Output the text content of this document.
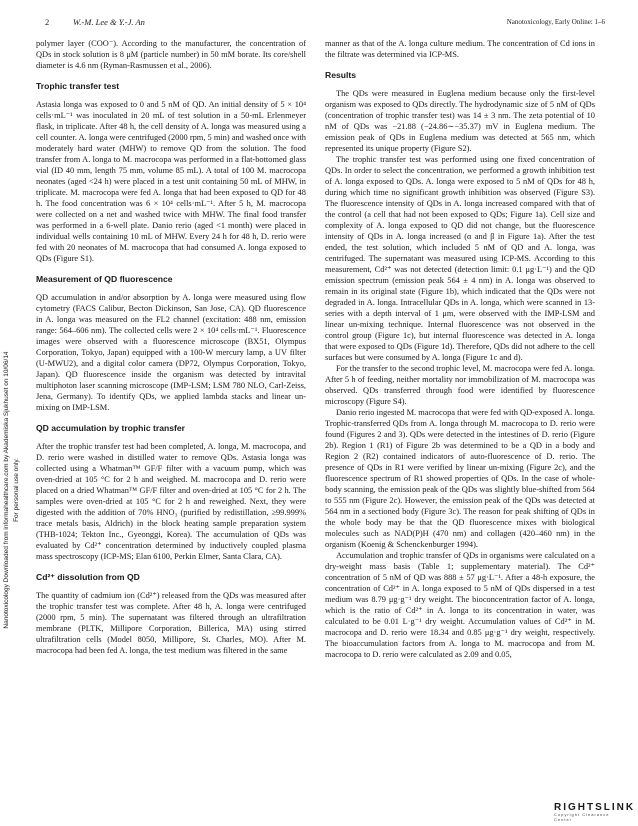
2	W.-M. Lee & Y.-J. An	Nanotoxicology, Early Online: 1–6
Nanotoxicology Downloaded from informahealthcare.com by Akademiska Sjukhuset on 10/06/14 For personal use only.

polymer layer (COO⁻). According to the manufacturer, the concentration of QDs in stock solution is 8 μM (particle number) in 50 mM borate. Its core/shell diameter is 4.6 nm (Ryman-Rasmussen et al., 2006).

Trophic transfer test

Astasia longa was exposed to 0 and 5 nM of QD. An initial density of 5 × 10⁴ cells·mL⁻¹ was inoculated in 20 mL of test solution in a 50-mL Erlenmeyer flask, in triplicate. After 48 h, the cell density of A. longa was measured using a cell counter. A. longa were centrifuged (2000 rpm, 5 min) and washed once with moderately hard water (MHW) to remove QD from the solution. The food transfer from A. longa to M. macrocopa was performed in a flat-bottomed glass vial (ID 40 mm, length 75 mm, volume 85 mL). A total of 100 M. macrocopa neonates (aged <24 h) were placed in a test unit containing 50 mL of MHW, in triplicate. M. macrocopa were fed A. longa that had been exposed to QD for 48 h. The food concentration was 6 × 10⁴ cells·mL⁻¹. After 5 h, M. macrocopa were collected on a net and washed twice with MHW. The final food transfer was performed in a 6-well plate. Danio rerio (aged <1 month) were placed in individual wells containing 10 mL of MHW. Every 24 h for 48 h, D. rerio were fed with 20 neonates of M. macrocopa that had consumed A. longa exposed to QDs (Figure S1).

Measurement of QD fluorescence

QD accumulation in and/or absorption by A. longa were measured using flow cytometry (FACS Calibur, Becton Dickinson, San Jose, CA). QD fluorescence in A. longa was measured on the FL2 channel (excitation: 488 nm, emission range: 564–606 nm). The collected cells were 2 × 10⁴ cells·mL⁻¹. Fluorescence images were observed with a fluorescence microscope (BX51, Olympus Corporation, Tokyo, Japan) equipped with a 100-W mercury lamp, a UV filter (U-MWU2), and a digital color camera (DP72, Olympus Corporation, Tokyo, Japan). QD fluorescence inside the organism was detected by intravital multiphoton laser scanning microscope (IMP-LSM; LSM 780 NLO, Carl-Zeiss, Jena, Germany). To identify QDs, we applied lambda stacks and linear un-mixing on IMP-LSM.

QD accumulation by trophic transfer

After the trophic transfer test had been completed, A. longa, M. macrocopa, and D. rerio were washed in distilled water to remove QDs. Astasia longa was collected using a Whatman™ GF/F filter with a vacuum pump, which was oven-dried at 105 °C for 2 h and weighed. M. macrocopa and D. rerio were placed on a dried Whatman™ GF/F filter and oven-dried at 105 °C for 2 h. The samples were oven-dried at 105 °C for 2 h and reweighed. Next, they were digested with the addition of 70% HNO₃ (purified by redistillation, ≥99.999% trace metals basis, Aldrich) in the block heating sample preparation system (THB-1024; Tekton Inc., Gyeonggi, Korea). The accumulation of QDs was evaluated by Cd²⁺ concentration determined by inductively coupled plasma mass spectroscopy (ICP-MS; Elan 6100, Perkin Elmer, Santa Clara, CA).

Cd²⁺ dissolution from QD

The quantity of cadmium ion (Cd²⁺) released from the QDs was measured after the trophic transfer test was complete. After 48 h, A. longa were centrifuged (2000 rpm, 5 min). The supernatant was filtered through an ultrafiltration membrane (PLTK, Millipore Corporation, Billerica, MA) using stirred ultrafiltration cells (Model 8050, Millipore, St. Charles, MO). After M. macrocopa had been fed A. longa, the test medium was filtered in the same

manner as that of the A. longa culture medium. The concentration of Cd ions in the filtrate was determined via ICP-MS.

Results

The QDs were measured in Euglena medium because only the first-level organism was exposed to QDs directly. The hydrodynamic size of 5 nM of QDs (concentration of trophic transfer test) was 14 ± 3 nm. The zeta potential of 10 nM of QDs was −21.88 (−24.86∼−35.37) mV in Euglena medium. The emission peak of QDs in Euglena medium was detected at 565 nm, which represented its unique property (Figure S2).

The trophic transfer test was performed using one fixed concentration of QDs. In order to select the concentration, we performed a growth inhibition test of A. longa exposed to QDs. A. longa were exposed to 5 nM of QDs for 48 h, during which time no significant growth inhibition was observed (Figure S3). The fluorescence intensity of QDs in A. longa increased compared with that of the control (a cell that had not been exposed to QDs; Figure 1a). Cell size and complexity of A. longa exposed to QD did not change, but the fluorescence intensity of QDs in A. longa increased (α and β in Figure 1a). After the test ended, the test solution, which included 5 nM of QD and A. longa, was centrifuged. The supernatant was measured using ICP-MS. According to this measurement, Cd²⁺ was not detected (detection limit: 0.1 μg·L⁻¹) and the QD emission spectrum (emission peak 564 ± 4 nm) in A. longa was observed to remain in its original state (Figure 1b), which indicated that the QDs were not degraded in A. longa. Intracellular QDs in A. longa, which were scanned in 13-series with a depth interval of 1 μm, were observed with the IMP-LSM and linear un-mixing technique. Internal fluorescence was not observed in the control group (Figure 1c), but internal fluorescence was detected in A. longa that were exposed to QDs (Figure 1d). Therefore, QDs did not adhere to the cell surfaces but were consumed by A. longa (Figure 1c and d).

For the transfer to the second trophic level, M. macrocopa were fed A. longa. After 5 h of feeding, neither mortality nor immobilization of M. macrocopa was observed. QDs transferred through food were identified by fluorescence microscopy (Figure S4).

Danio rerio ingested M. macrocopa that were fed with QD-exposed A. longa. Trophic-transferred QDs from A. longa through M. macrocopa to D. rerio were found (Figures 2 and 3). QDs were detected in the intestines of D. rerio (Figure 2b). Region 1 (R1) of Figure 2b was determined to be a QD in a body and Region 2 (R2) contained indicators of auto-fluorescence of D. rerio. The presence of QDs in R1 were verified by linear un-mixing (Figure 2c), and the fluorescence spectrum of R1 showed properties of QDs. In the case of whole-body scanning, the emission peak of the QDs was slightly blue-shifted from 564 to 555 nm (Figure 2c). However, the emission peak of the QDs was detected at 564 nm in a sectioned body (Figure 3c). The reason for peak shifting of QDs in the whole body may be that the QD fluorescence mixes with biological molecules such as NAD(P)H (470 nm) and collagen (420–460 nm) in the organism (Koenig & Schenckenburger 1994).

Accumulation and trophic transfer of QDs in organisms were calculated on a dry-weight mass basis (Table 1; supplementary material). The Cd²⁺ concentration of 5 nM of QD was 888 ± 57 μg·L⁻¹. After a 48-h exposure, the concentration of Cd²⁺ in A. longa exposed to 5 nM of QDs dispersed in a test medium was 8.79 μg·g⁻¹ dry weight. The bioconcentration factor of A. longa, which is the ratio of Cd²⁺ in A. longa to its concentration in water, was calculated to be 0.01 L·g⁻¹ dry weight. Accumulation values of Cd²⁺ in M. macrocopa and D. rerio were 18.34 and 0.85 μg·g⁻¹ dry weight, respectively. The bioaccumulation factors from A. longa to M. macrocopa and from M. macrocopa to D. rerio were calculated as 2.09 and 0.05,

RIGHTSLINK
Copyright Clearance Center
